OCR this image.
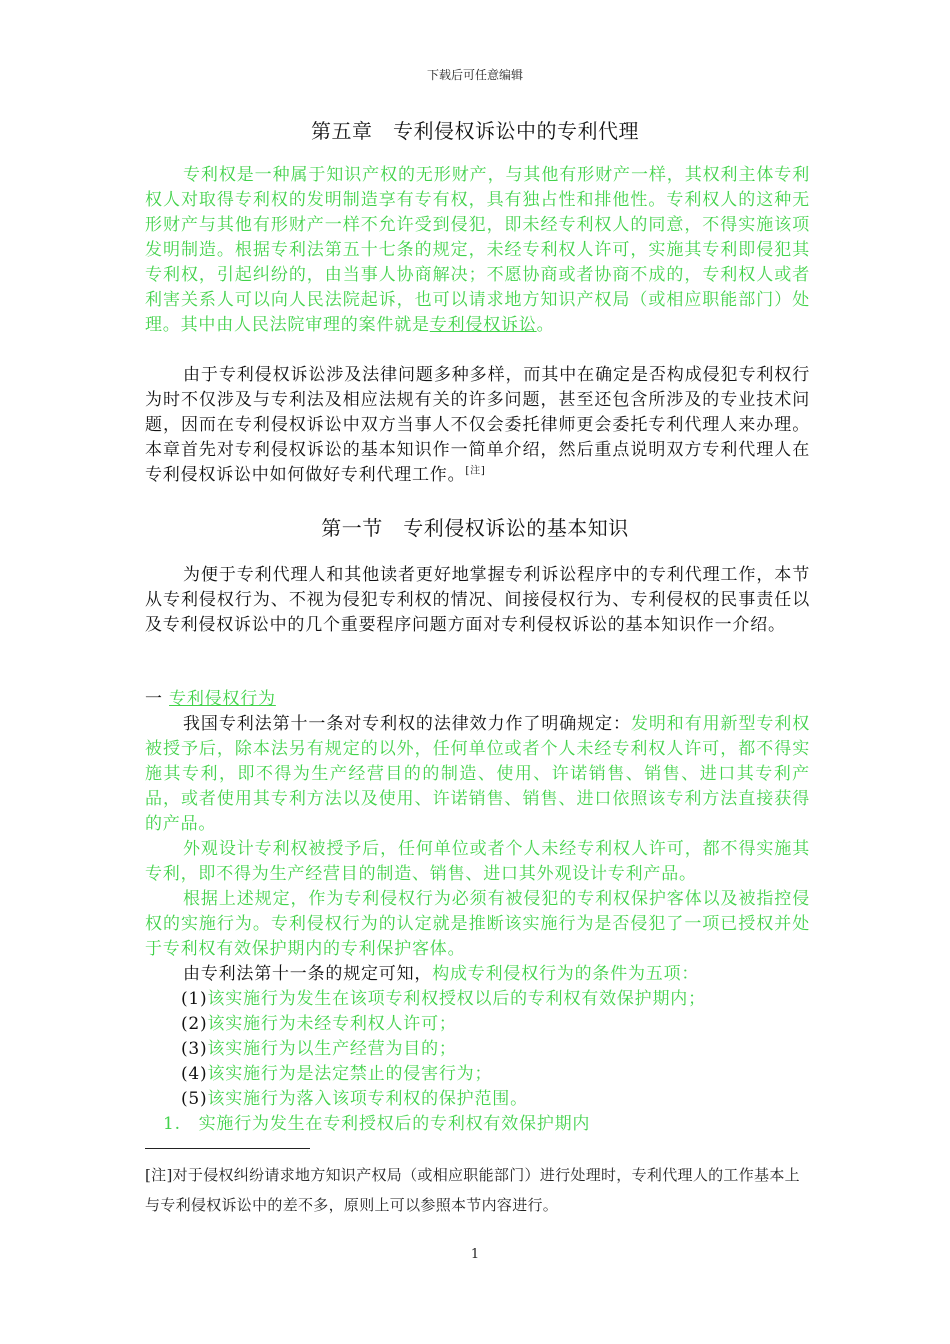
下载后可任意编辑
第五章　专利侵权诉讼中的专利代理

专利权是一种属于知识产权的无形财产，与其他有形财产一样，其权利主体专利权人对取得专利权的发明制造享有专有权，具有独占性和排他性。专利权人的这种无形财产与其他有形财产一样不允许受到侵犯，即未经专利权人的同意，不得实施该项发明制造。根据专利法第五十七条的规定，未经专利权人许可，实施其专利即侵犯其专利权，引起纠纷的，由当事人协商解决；不愿协商或者协商不成的，专利权人或者利害关系人可以向人民法院起诉，也可以请求地方知识产权局（或相应职能部门）处理。其中由人民法院审理的案件就是专利侵权诉讼。

由于专利侵权诉讼涉及法律问题多种多样，而其中在确定是否构成侵犯专利权行为时不仅涉及与专利法及相应法规有关的许多问题，甚至还包含所涉及的专业技术问题，因而在专利侵权诉讼中双方当事人不仅会委托律师更会委托专利代理人来办理。本章首先对专利侵权诉讼的基本知识作一简单介绍，然后重点说明双方专利代理人在专利侵权诉讼中如何做好专利代理工作。[注]

第一节　专利侵权诉讼的基本知识

为便于专利代理人和其他读者更好地掌握专利诉讼程序中的专利代理工作，本节从专利侵权行为、不视为侵犯专利权的情况、间接侵权行为、专利侵权的民事责任以及专利侵权诉讼中的几个重要程序问题方面对专利侵权诉讼的基本知识作一介绍。

一 专利侵权行为

我国专利法第十一条对专利权的法律效力作了明确规定：发明和有用新型专利权被授予后，除本法另有规定的以外，任何单位或者个人未经专利权人许可，都不得实施其专利，即不得为生产经营目的的制造、使用、许诺销售、销售、进口其专利产品，或者使用其专利方法以及使用、许诺销售、销售、进口依照该专利方法直接获得的产品。

外观设计专利权被授予后，任何单位或者个人未经专利权人许可，都不得实施其专利，即不得为生产经营目的制造、销售、进口其外观设计专利产品。

根据上述规定，作为专利侵权行为必须有被侵犯的专利权保护客体以及被指控侵权的实施行为。专利侵权行为的认定就是推断该实施行为是否侵犯了一项已授权并处于专利权有效保护期内的专利保护客体。

由专利法第十一条的规定可知，构成专利侵权行为的条件为五项：

(1)该实施行为发生在该项专利权授权以后的专利权有效保护期内；

(2)该实施行为未经专利权人许可；

(3)该实施行为以生产经营为目的；

(4)该实施行为是法定禁止的侵害行为；

(5)该实施行为落入该项专利权的保护范围。

1.　实施行为发生在专利授权后的专利权有效保护期内

[注]对于侵权纠纷请求地方知识产权局（或相应职能部门）进行处理时，专利代理人的工作基本上与专利侵权诉讼中的差不多，原则上可以参照本节内容进行。
1
